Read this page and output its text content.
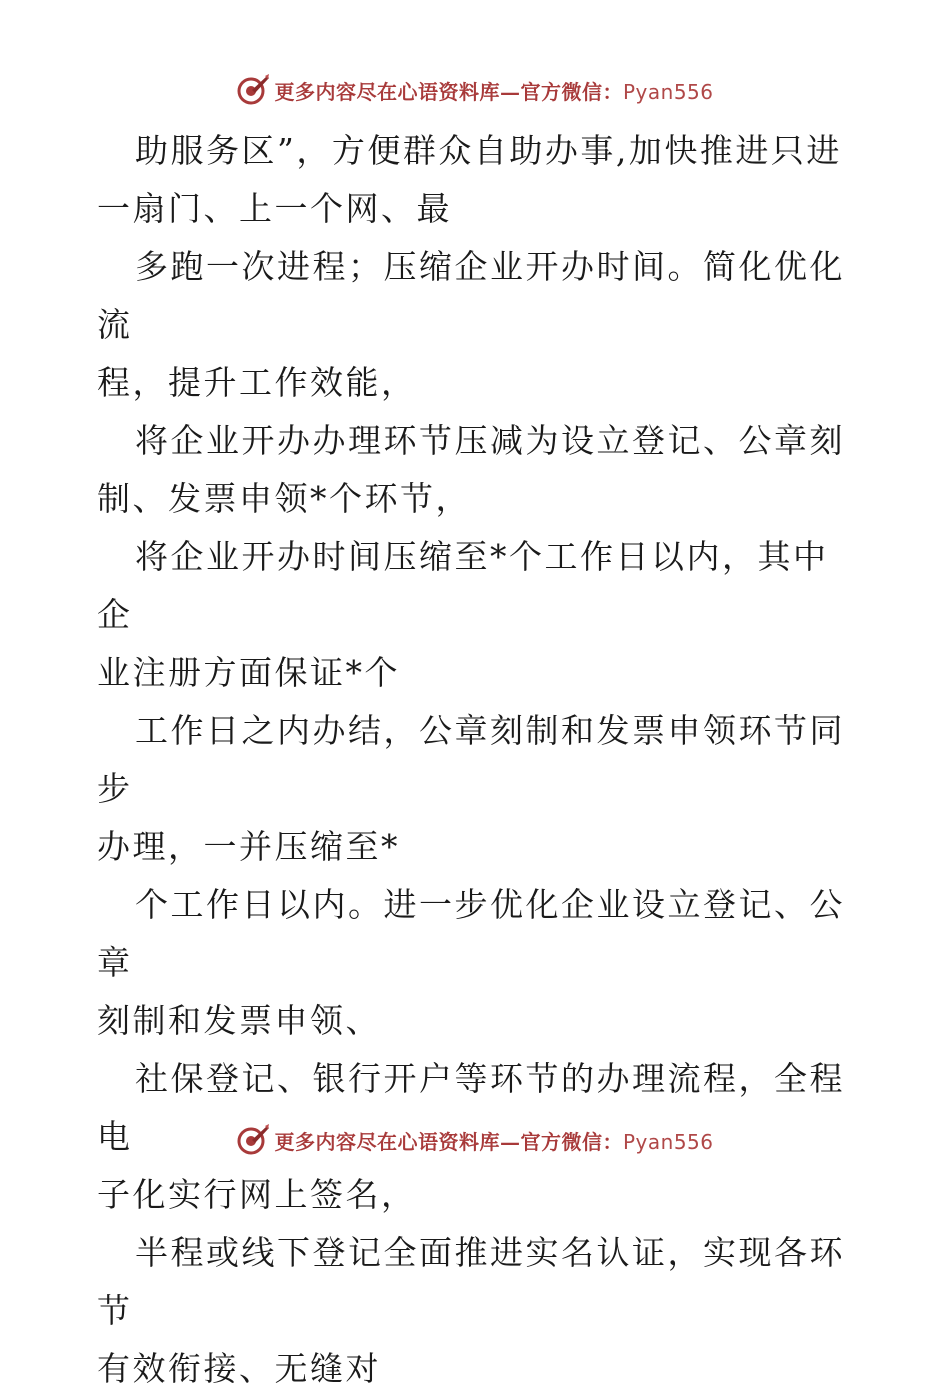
更多内容尽在心语资料库—官方微信：Pyan556

助服务区”，方便群众自助办事,加快推进只进
一扇门、上一个网、最

多跑一次进程；压缩企业开办时间。简化优化流
程，提升工作效能，

将企业开办办理环节压减为设立登记、公章刻
制、发票申领*个环节，

将企业开办时间压缩至*个工作日以内，其中企
业注册方面保证*个

工作日之内办结，公章刻制和发票申领环节同步
办理，一并压缩至*

个工作日以内。进一步优化企业设立登记、公章
刻制和发票申领、

社保登记、银行开户等环节的办理流程，全程电
子化实行网上签名，

半程或线下登记全面推进实名认证，实现各环节
有效衔接、无缝对

更多内容尽在心语资料库—官方微信：Pyan556
